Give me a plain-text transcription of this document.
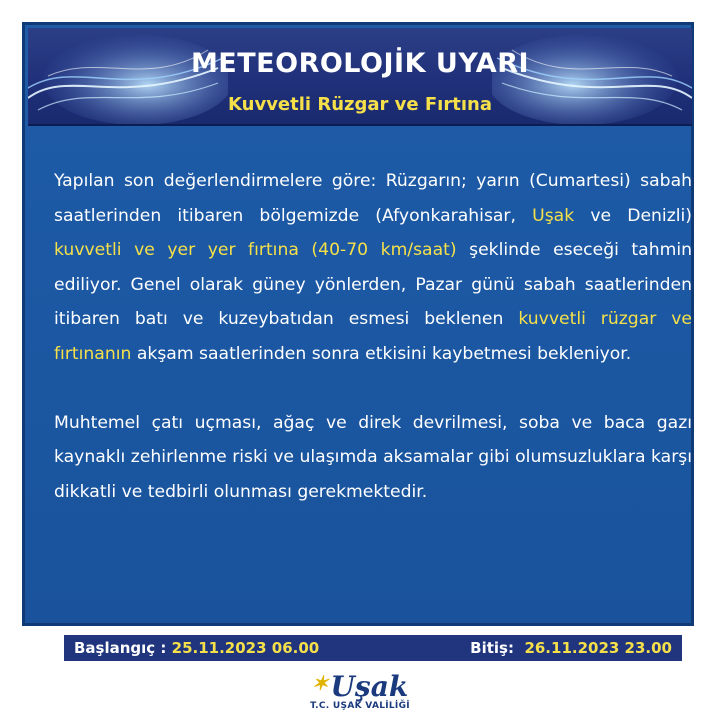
METEOROLOJİK UYARI
Kuvvetli Rüzgar ve Fırtına

Yapılan son değerlendirmelere göre: Rüzgarın; yarın (Cumartesi) sabah saatlerinden itibaren bölgemizde (Afyonkarahisar, Uşak ve Denizli) kuvvetli ve yer yer fırtına (40-70 km/saat) şeklinde eseceği tahmin ediliyor. Genel olarak güney yönlerden, Pazar günü sabah saatlerinden itibaren batı ve kuzeybatıdan esmesi beklenen kuvvetli rüzgar ve fırtınanın akşam saatlerinden sonra etkisini kaybetmesi bekleniyor.

Muhtemel çatı uçması, ağaç ve direk devrilmesi, soba ve baca gazı kaynaklı zehirlenme riski ve ulaşımda aksamalar gibi olumsuzluklara karşı dikkatli ve tedbirli olunması gerekmektedir.

Başlangıç : 25.11.2023 06.00	Bitiş:  26.11.2023 23.00
✶Uşak
T.C. UŞAK VALİLİĞİ
